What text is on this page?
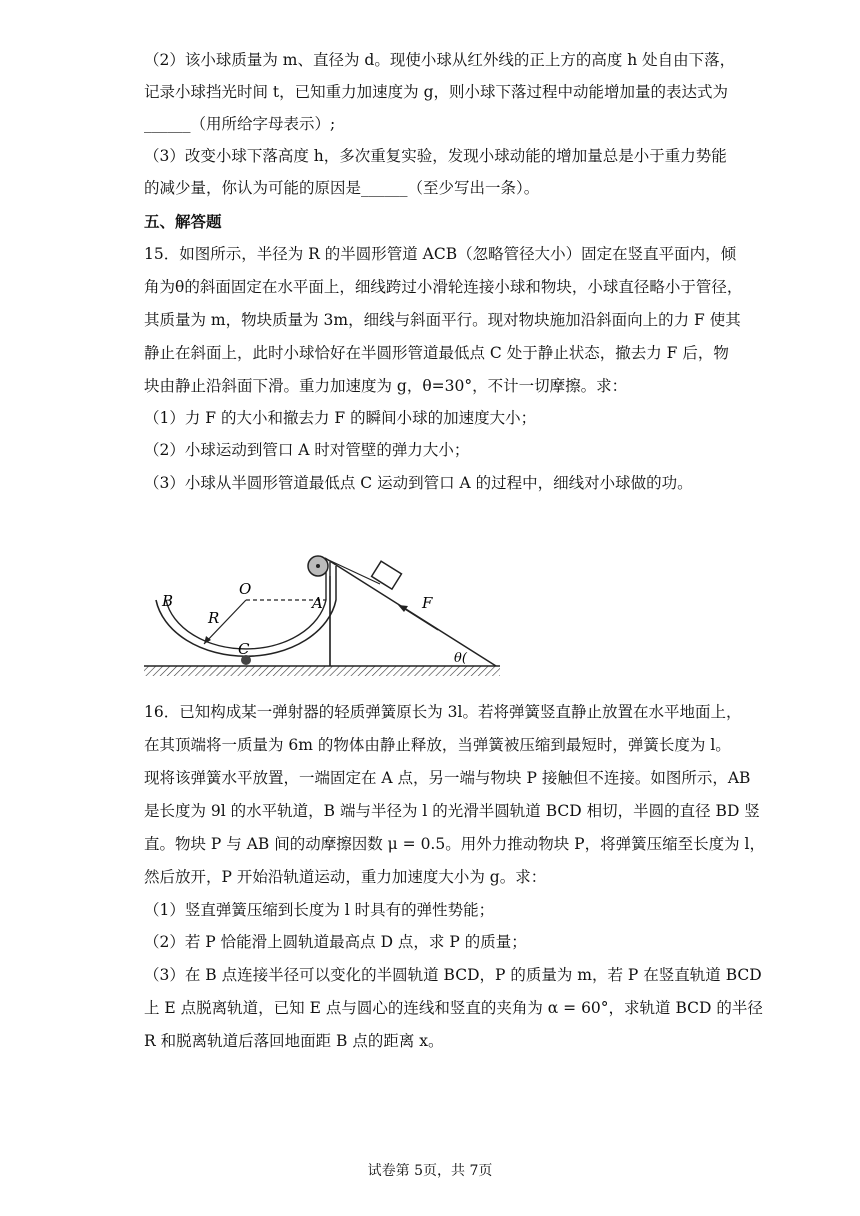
（2）该小球质量为 m、直径为 d。现使小球从红外线的正上方的高度 h 处自由下落，
记录小球挡光时间 t，已知重力加速度为 g，则小球下落过程中动能增加量的表达式为
______（用所给字母表示）;
（3）改变小球下落高度 h，多次重复实验，发现小球动能的增加量总是小于重力势能
的减少量，你认为可能的原因是______（至少写出一条）。
五、解答题
15．如图所示，半径为 R 的半圆形管道 ACB（忽略管径大小）固定在竖直平面内，倾
角为θ的斜面固定在水平面上，细线跨过小滑轮连接小球和物块，小球直径略小于管径，
其质量为 m，物块质量为 3m，细线与斜面平行。现对物块施加沿斜面向上的力 F 使其
静止在斜面上，此时小球恰好在半圆形管道最低点 C 处于静止状态，撤去力 F 后，物
块由静止沿斜面下滑。重力加速度为 g，θ=30°，不计一切摩擦。求：
（1）力 F 的大小和撤去力 F 的瞬间小球的加速度大小；
（2）小球运动到管口 A 时对管壁的弹力大小；
（3）小球从半圆形管道最低点 C 运动到管口 A 的过程中，细线对小球做的功。
B
O
A
R
C
F
θ(
16．已知构成某一弹射器的轻质弹簧原长为 3l。若将弹簧竖直静止放置在水平地面上，
在其顶端将一质量为 6m 的物体由静止释放，当弹簧被压缩到最短时，弹簧长度为 l。
现将该弹簧水平放置，一端固定在 A 点，另一端与物块 P 接触但不连接。如图所示，AB
是长度为 9l 的水平轨道，B 端与半径为 l 的光滑半圆轨道 BCD 相切，半圆的直径 BD 竖
直。物块 P 与 AB 间的动摩擦因数 μ = 0.5。用外力推动物块 P，将弹簧压缩至长度为 l，
然后放开，P 开始沿轨道运动，重力加速度大小为 g。求：
（1）竖直弹簧压缩到长度为 l 时具有的弹性势能；
（2）若 P 恰能滑上圆轨道最高点 D 点，求 P 的质量；
（3）在 B 点连接半径可以变化的半圆轨道 BCD，P 的质量为 m，若 P 在竖直轨道 BCD
上 E 点脱离轨道，已知 E 点与圆心的连线和竖直的夹角为 α = 60°，求轨道 BCD 的半径
R 和脱离轨道后落回地面距 B 点的距离 x。
试卷第 5页，共 7页
